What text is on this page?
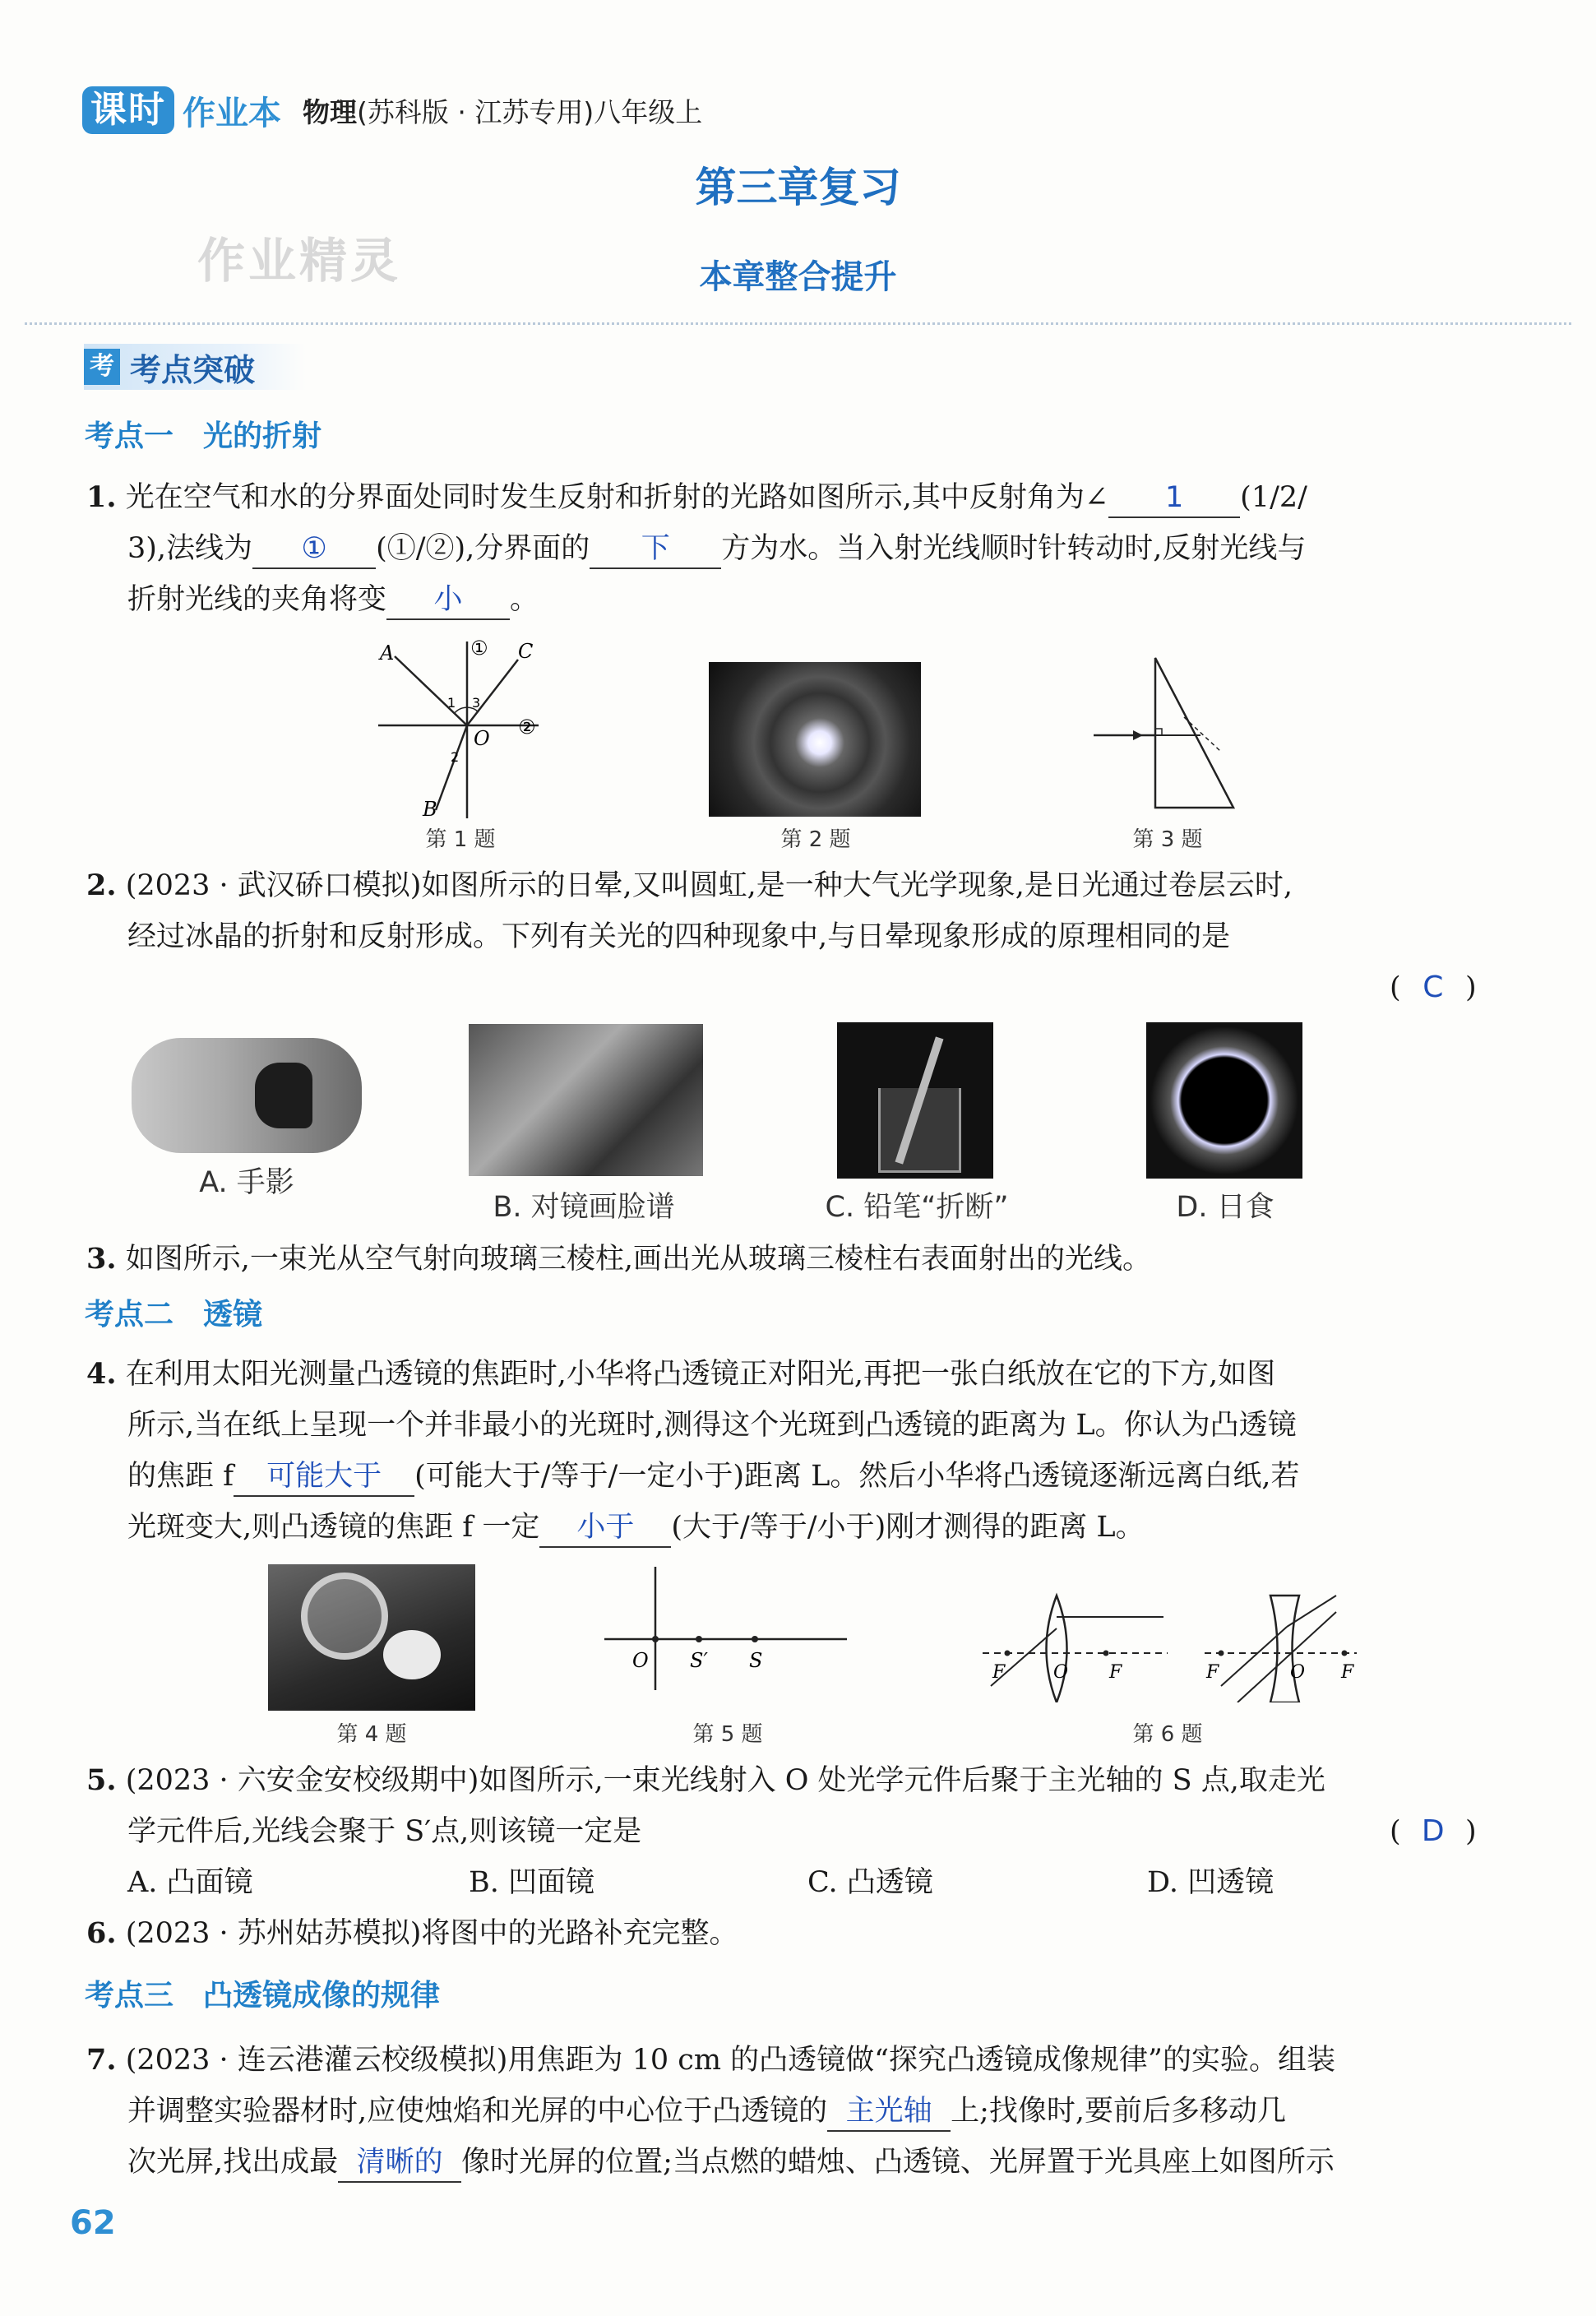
课时 作业本 物理(苏科版 · 江苏专用)八年级上
第三章复习
作业精灵	本章整合提升
考 考点突破
考点一　光的折射
1. 光在空气和水的分界面处同时发生反射和折射的光路如图所示,其中反射角为∠ 1 (1/2/
3),法线为 ① (①/②),分界面的 下 方为水。当入射光线顺时针转动时,反射光线与
折射光线的夹角将变 小 。
A	C
B
O
①
②
1
2
3
第 1 题	第 2 题	第 3 题
2. (2023 · 武汉硚口模拟)如图所示的日晕,又叫圆虹,是一种大气光学现象,是日光通过卷层云时,
经过冰晶的折射和反射形成。下列有关光的四种现象中,与日晕现象形成的原理相同的是
( C )
A. 手影
B. 对镜画脸谱	C. 铅笔“折断”	D. 日食
3. 如图所示,一束光从空气射向玻璃三棱柱,画出光从玻璃三棱柱右表面射出的光线。
考点二　透镜
4. 在利用太阳光测量凸透镜的焦距时,小华将凸透镜正对阳光,再把一张白纸放在它的下方,如图
所示,当在纸上呈现一个并非最小的光斑时,测得这个光斑到凸透镜的距离为 L。你认为凸透镜
的焦距 f 可能大于 (可能大于/等于/一定小于)距离 L。然后小华将凸透镜逐渐远离白纸,若
光斑变大,则凸透镜的焦距 f 一定 小于 (大于/等于/小于)刚才测得的距离 L。
第 4 题
O S′ S
第 5 题
F	O F	F	O F
第 6 题
5. (2023 · 六安金安校级期中)如图所示,一束光线射入 O 处光学元件后聚于主光轴的 S 点,取走光
学元件后,光线会聚于 S′点,则该镜一定是	( D )
A. 凸面镜	B. 凹面镜	C. 凸透镜	D. 凹透镜
6. (2023 · 苏州姑苏模拟)将图中的光路补充完整。
考点三　凸透镜成像的规律
7. (2023 · 连云港灌云校级模拟)用焦距为 10 cm 的凸透镜做“探究凸透镜成像规律”的实验。组装
并调整实验器材时,应使烛焰和光屏的中心位于凸透镜的 主光轴 上;找像时,要前后多移动几
次光屏,找出成最 清晰的 像时光屏的位置;当点燃的蜡烛、凸透镜、光屏置于光具座上如图所示
62
